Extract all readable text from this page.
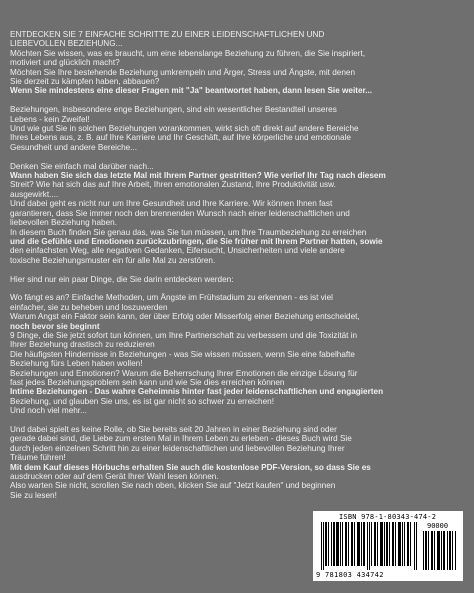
ENTDECKEN SIE 7 EINFACHE SCHRITTE ZU EINER LEIDENSCHAFTLICHEN UND

LIEBEVOLLEN BEZIEHUNG...

Möchten Sie wissen, was es braucht, um eine lebenslange Beziehung zu führen, die Sie inspiriert,

motiviert und glücklich macht?

Möchten Sie Ihre bestehende Beziehung umkrempeln und Ärger, Stress und Ängste, mit denen

Sie derzeit zu kämpfen haben, abbauen?

Wenn Sie mindestens eine dieser Fragen mit "Ja" beantwortet haben, dann lesen Sie weiter...

Beziehungen, insbesondere enge Beziehungen, sind ein wesentlicher Bestandteil unseres

Lebens - kein Zweifel!

Und wie gut Sie in solchen Beziehungen vorankommen, wirkt sich oft direkt auf andere Bereiche

Ihres Lebens aus, z. B. auf Ihre Karriere und Ihr Geschäft, auf Ihre körperliche und emotionale

Gesundheit und andere Bereiche...

Denken Sie einfach mal darüber nach...

Wann haben Sie sich das letzte Mal mit Ihrem Partner gestritten? Wie verlief Ihr Tag nach diesem

Streit? Wie hat sich das auf Ihre Arbeit, Ihren emotionalen Zustand, Ihre Produktivität usw.

ausgewirkt....

Und dabei geht es nicht nur um Ihre Gesundheit und Ihre Karriere. Wir können Ihnen fast

garantieren, dass Sie immer noch den brennenden Wunsch nach einer leidenschaftlichen und

liebevollen Beziehung haben.

In diesem Buch finden Sie genau das, was Sie tun müssen, um Ihre Traumbeziehung zu erreichen

und die Gefühle und Emotionen zurückzubringen, die Sie früher mit Ihrem Partner hatten, sowie

den einfachsten Weg, alle negativen Gedanken, Eifersucht, Unsicherheiten und viele andere

toxische Beziehungsmuster ein für alle Mal zu zerstören.

Hier sind nur ein paar Dinge, die Sie darin entdecken werden:

Wo fängt es an? Einfache Methoden, um Ängste im Frühstadium zu erkennen - es ist viel

einfacher, sie zu beheben und loszuwerden

Warum Angst ein Faktor sein kann, der über Erfolg oder Misserfolg einer Beziehung entscheidet,

noch bevor sie beginnt

9 Dinge, die Sie jetzt sofort tun können, um Ihre Partnerschaft zu verbessern und die Toxizität in

Ihrer Beziehung drastisch zu reduzieren

Die häufigsten Hindernisse in Beziehungen - was Sie wissen müssen, wenn Sie eine fabelhafte

Beziehung fürs Leben haben wollen!

Beziehungen und Emotionen? Warum die Beherrschung Ihrer Emotionen die einzige Lösung für

fast jedes Beziehungsproblem sein kann und wie Sie dies erreichen können

Intime Beziehungen - Das wahre Geheimnis hinter fast jeder leidenschaftlichen und engagierten

Beziehung, und glauben Sie uns, es ist gar nicht so schwer zu erreichen!

Und noch viel mehr...

Und dabei spielt es keine Rolle, ob Sie bereits seit 20 Jahren in einer Beziehung sind oder

gerade dabei sind, die Liebe zum ersten Mal in Ihrem Leben zu erleben - dieses Buch wird Sie

durch jeden einzelnen Schritt hin zu einer leidenschaftlichen und liebevollen Beziehung Ihrer

Träume führen!

Mit dem Kauf dieses Hörbuchs erhalten Sie auch die kostenlose PDF-Version, so dass Sie es

ausdrucken oder auf dem Gerät Ihrer Wahl lesen können.

Also warten Sie nicht, scrollen Sie nach oben, klicken Sie auf "Jetzt kaufen" und beginnen

Sie zu lesen!

ISBN 978-1-80343-474-2
90000
9 781803 434742
